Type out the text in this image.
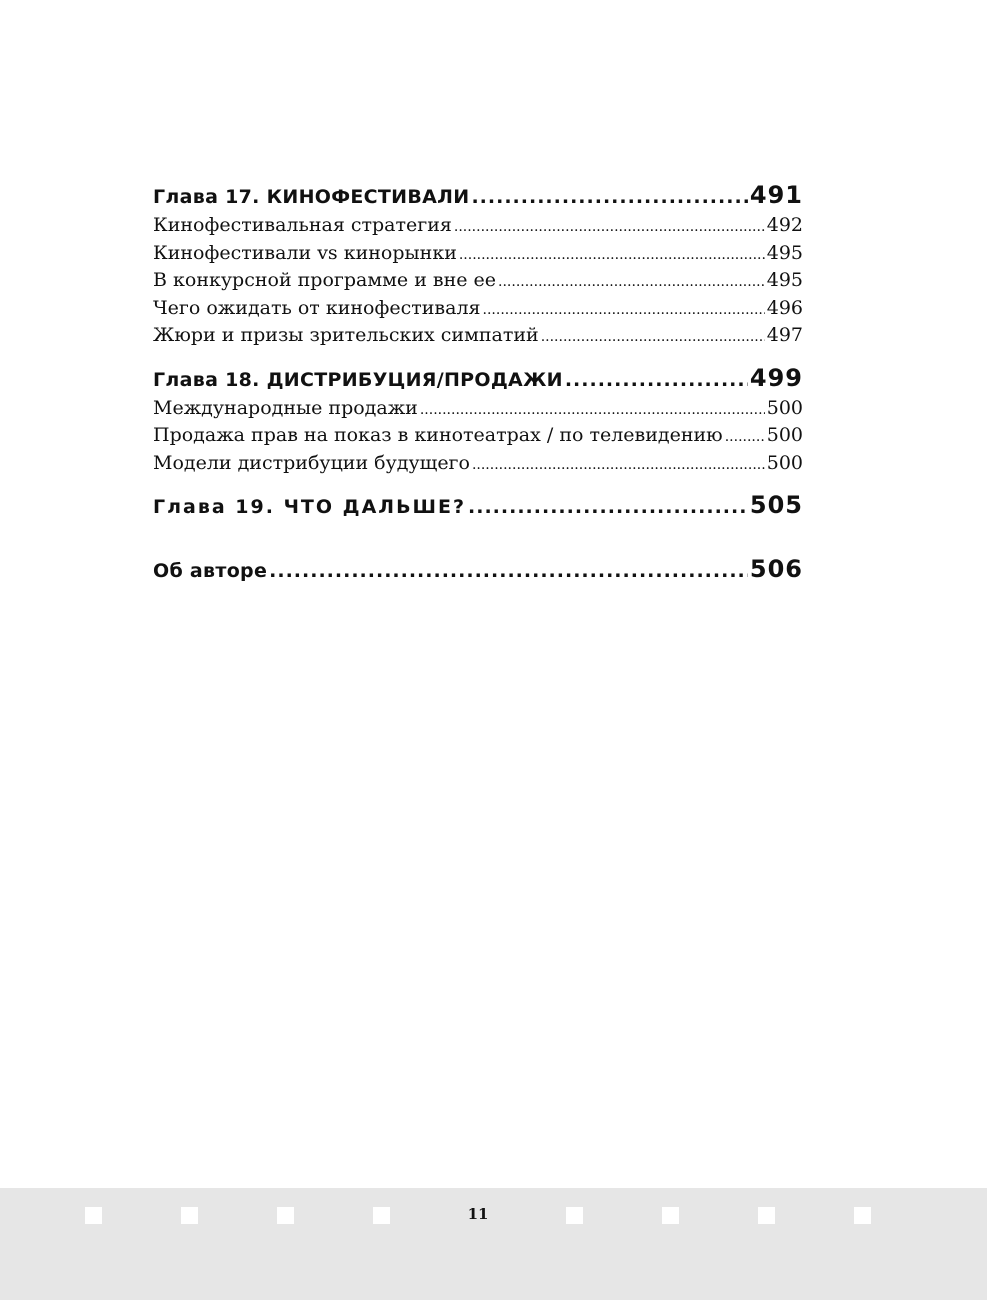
Глава 17. КИНОФЕСТИВАЛИ .....	491
Кинофестивальная стратегия .....	492
Кинофестивали vs кинорынки .....	495
В конкурсной программе и вне ее .....	495
Чего ожидать от кинофестиваля .....	496
Жюри и призы зрительских симпатий .....	497
Глава 18. ДИСТРИБУЦИЯ/ПРОДАЖИ .....	499
Международные продажи .....	500
Продажа прав на показ в кинотеатрах / по телевидению ..... 500
Модели дистрибуции будущего .....	500
Глава 19. ЧТО ДАЛЬШЕ? .....	505
Об авторе .....	506
11
